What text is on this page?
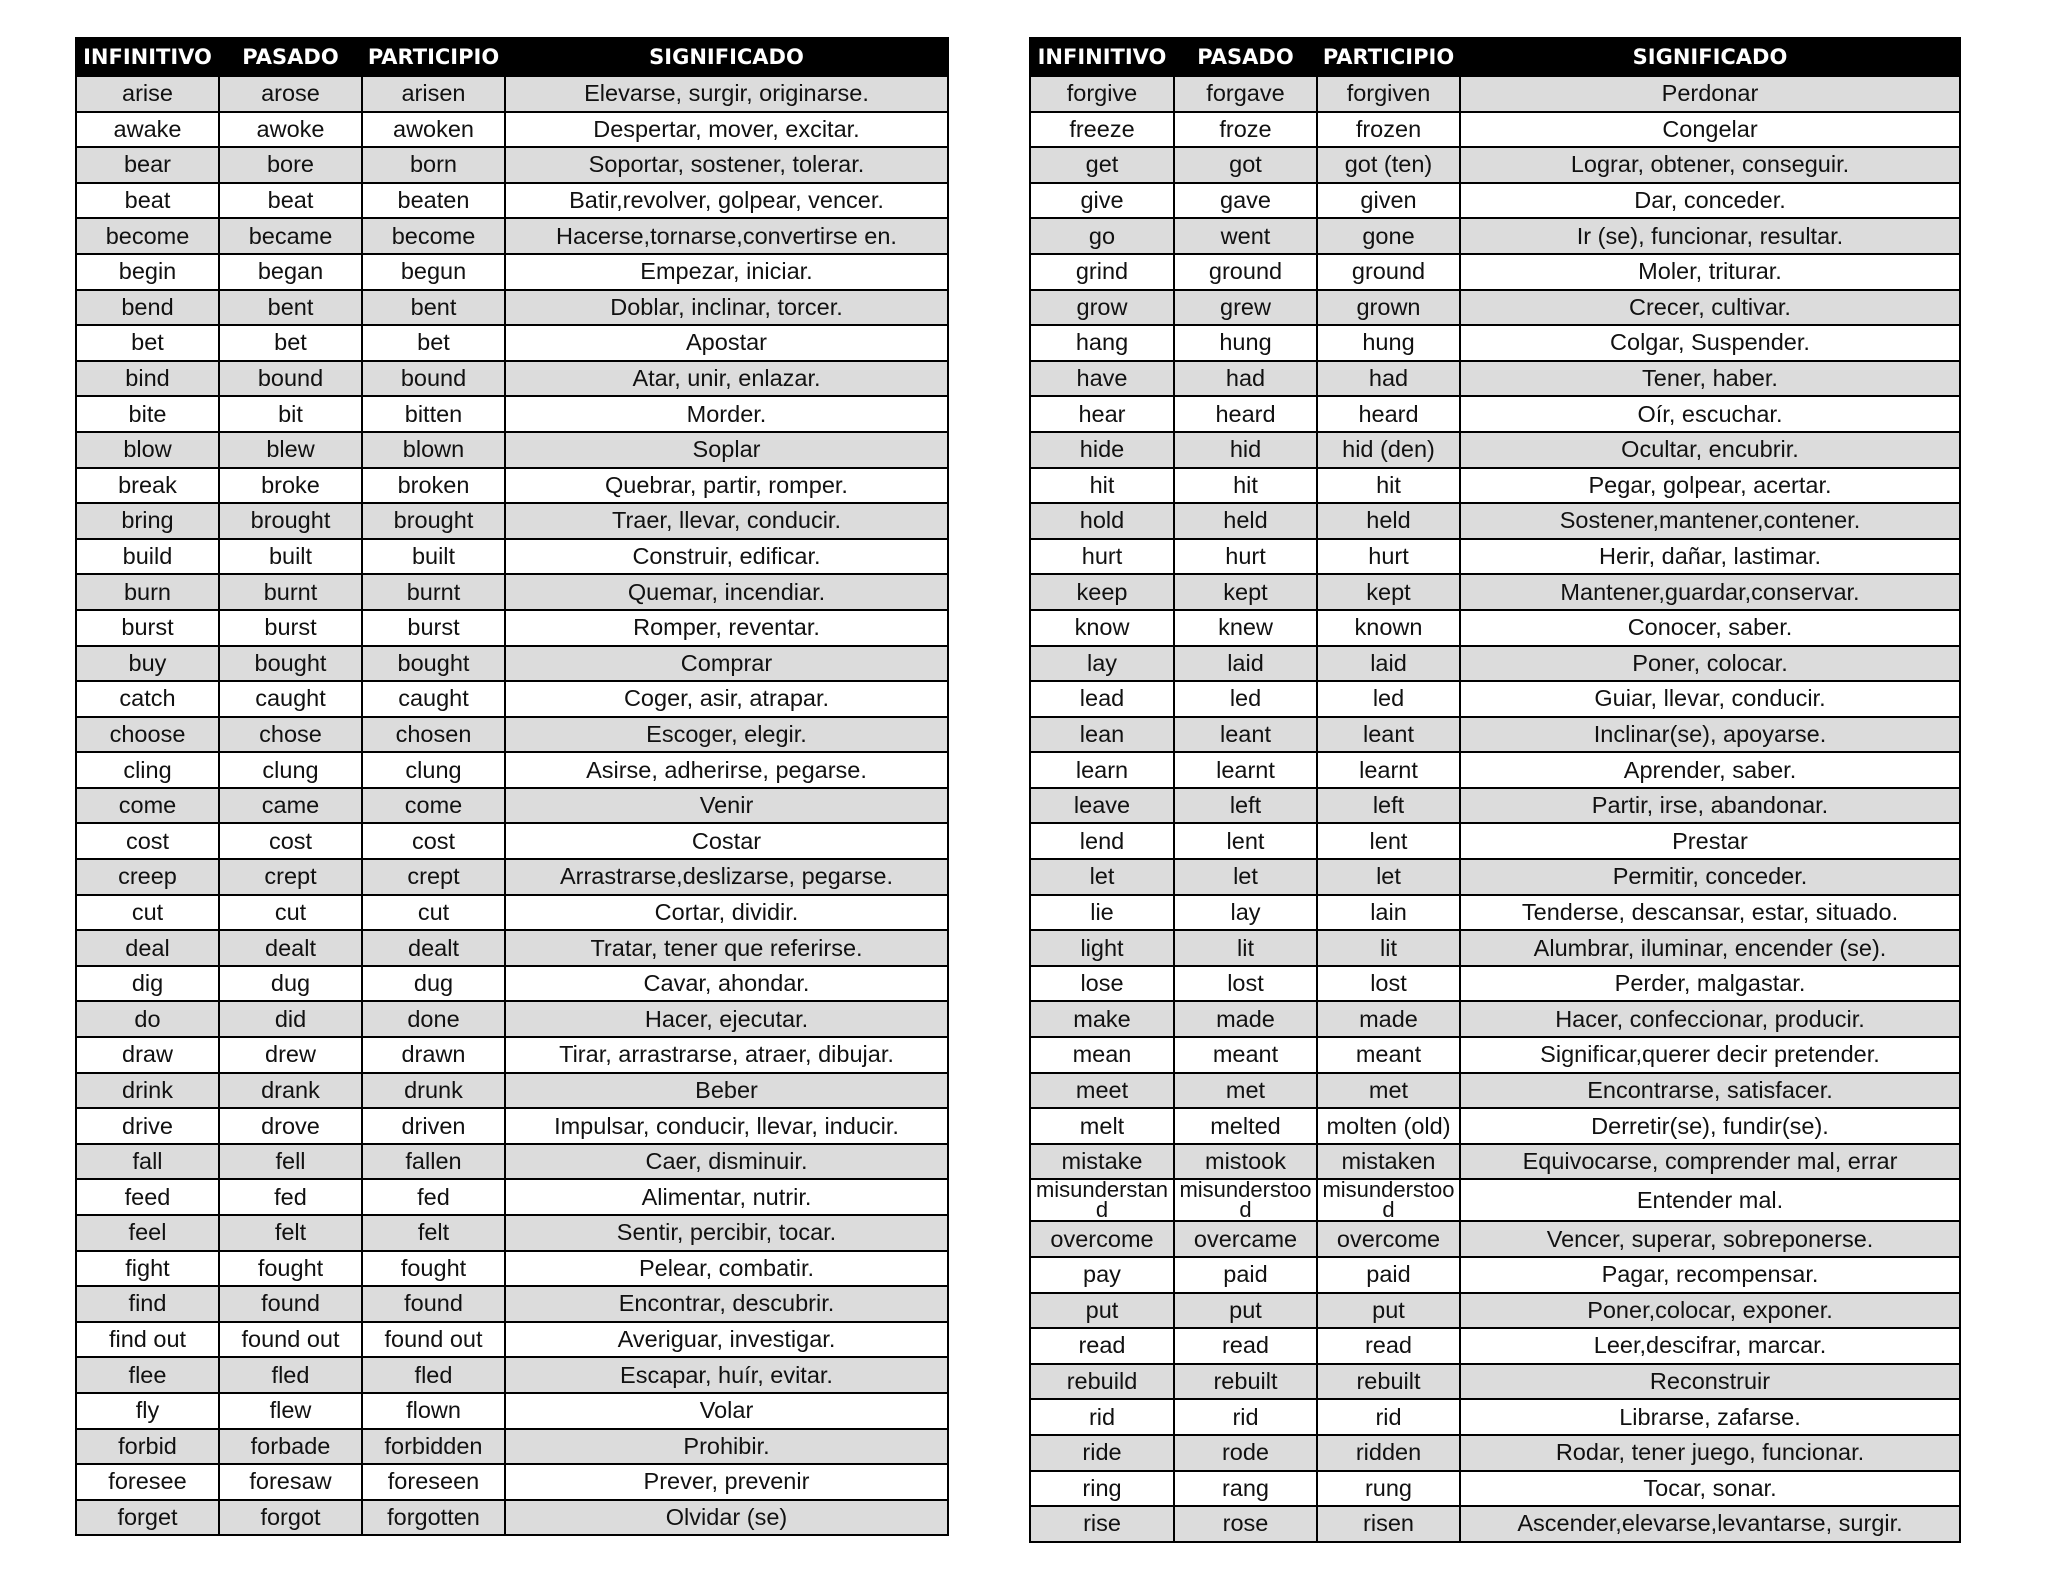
INFINITIVO	PASADO	PARTICIPIO	SIGNIFICADO
arise	arose	arisen	Elevarse, surgir, originarse.
awake	awoke	awoken	Despertar, mover, excitar.
bear	bore	born	Soportar, sostener, tolerar.
beat	beat	beaten	Batir,revolver, golpear, vencer.
become	became	become	Hacerse,tornarse,convertirse en.
begin	began	begun	Empezar, iniciar.
bend	bent	bent	Doblar, inclinar, torcer.
bet	bet	bet	Apostar
bind	bound	bound	Atar, unir, enlazar.
bite	bit	bitten	Morder.
blow	blew	blown	Soplar
break	broke	broken	Quebrar, partir, romper.
bring	brought	brought	Traer, llevar, conducir.
build	built	built	Construir, edificar.
burn	burnt	burnt	Quemar, incendiar.
burst	burst	burst	Romper, reventar.
buy	bought	bought	Comprar
catch	caught	caught	Coger, asir, atrapar.
choose	chose	chosen	Escoger, elegir.
cling	clung	clung	Asirse, adherirse, pegarse.
come	came	come	Venir
cost	cost	cost	Costar
creep	crept	crept	Arrastrarse,deslizarse, pegarse.
cut	cut	cut	Cortar, dividir.
deal	dealt	dealt	Tratar, tener que referirse.
dig	dug	dug	Cavar, ahondar.
do	did	done	Hacer, ejecutar.
draw	drew	drawn	Tirar, arrastrarse, atraer, dibujar.
drink	drank	drunk	Beber
drive	drove	driven	Impulsar, conducir, llevar, inducir.
fall	fell	fallen	Caer, disminuir.
feed	fed	fed	Alimentar, nutrir.
feel	felt	felt	Sentir, percibir, tocar.
fight	fought	fought	Pelear, combatir.
find	found	found	Encontrar, descubrir.
find out	found out	found out	Averiguar, investigar.
flee	fled	fled	Escapar, huír, evitar.
fly	flew	flown	Volar
forbid	forbade	forbidden	Prohibir.
foresee	foresaw	foreseen	Prever, prevenir
forget	forgot	forgotten	Olvidar (se)
INFINITIVO	PASADO	PARTICIPIO	SIGNIFICADO
forgive	forgave	forgiven	Perdonar
freeze	froze	frozen	Congelar
get	got	got (ten)	Lograr, obtener, conseguir.
give	gave	given	Dar, conceder.
go	went	gone	Ir (se), funcionar, resultar.
grind	ground	ground	Moler, triturar.
grow	grew	grown	Crecer, cultivar.
hang	hung	hung	Colgar, Suspender.
have	had	had	Tener, haber.
hear	heard	heard	Oír, escuchar.
hide	hid	hid (den)	Ocultar, encubrir.
hit	hit	hit	Pegar, golpear, acertar.
hold	held	held	Sostener,mantener,contener.
hurt	hurt	hurt	Herir, dañar, lastimar.
keep	kept	kept	Mantener,guardar,conservar.
know	knew	known	Conocer, saber.
lay	laid	laid	Poner, colocar.
lead	led	led	Guiar, llevar, conducir.
lean	leant	leant	Inclinar(se), apoyarse.
learn	learnt	learnt	Aprender, saber.
leave	left	left	Partir, irse, abandonar.
lend	lent	lent	Prestar
let	let	let	Permitir, conceder.
lie	lay	lain	Tenderse, descansar, estar, situado.
light	lit	lit	Alumbrar, iluminar, encender (se).
lose	lost	lost	Perder, malgastar.
make	made	made	Hacer, confeccionar, producir.
mean	meant	meant	Significar,querer decir pretender.
meet	met	met	Encontrarse, satisfacer.
melt	melted	molten (old)	Derretir(se), fundir(se).
mistake	mistook	mistaken	Equivocarse, comprender mal, errar
misunderstand	misunderstood	misunderstood	Entender mal.
overcome	overcame	overcome	Vencer, superar, sobreponerse.
pay	paid	paid	Pagar, recompensar.
put	put	put	Poner,colocar, exponer.
read	read	read	Leer,descifrar, marcar.
rebuild	rebuilt	rebuilt	Reconstruir
rid	rid	rid	Librarse, zafarse.
ride	rode	ridden	Rodar, tener juego, funcionar.
ring	rang	rung	Tocar, sonar.
rise	rose	risen	Ascender,elevarse,levantarse, surgir.
